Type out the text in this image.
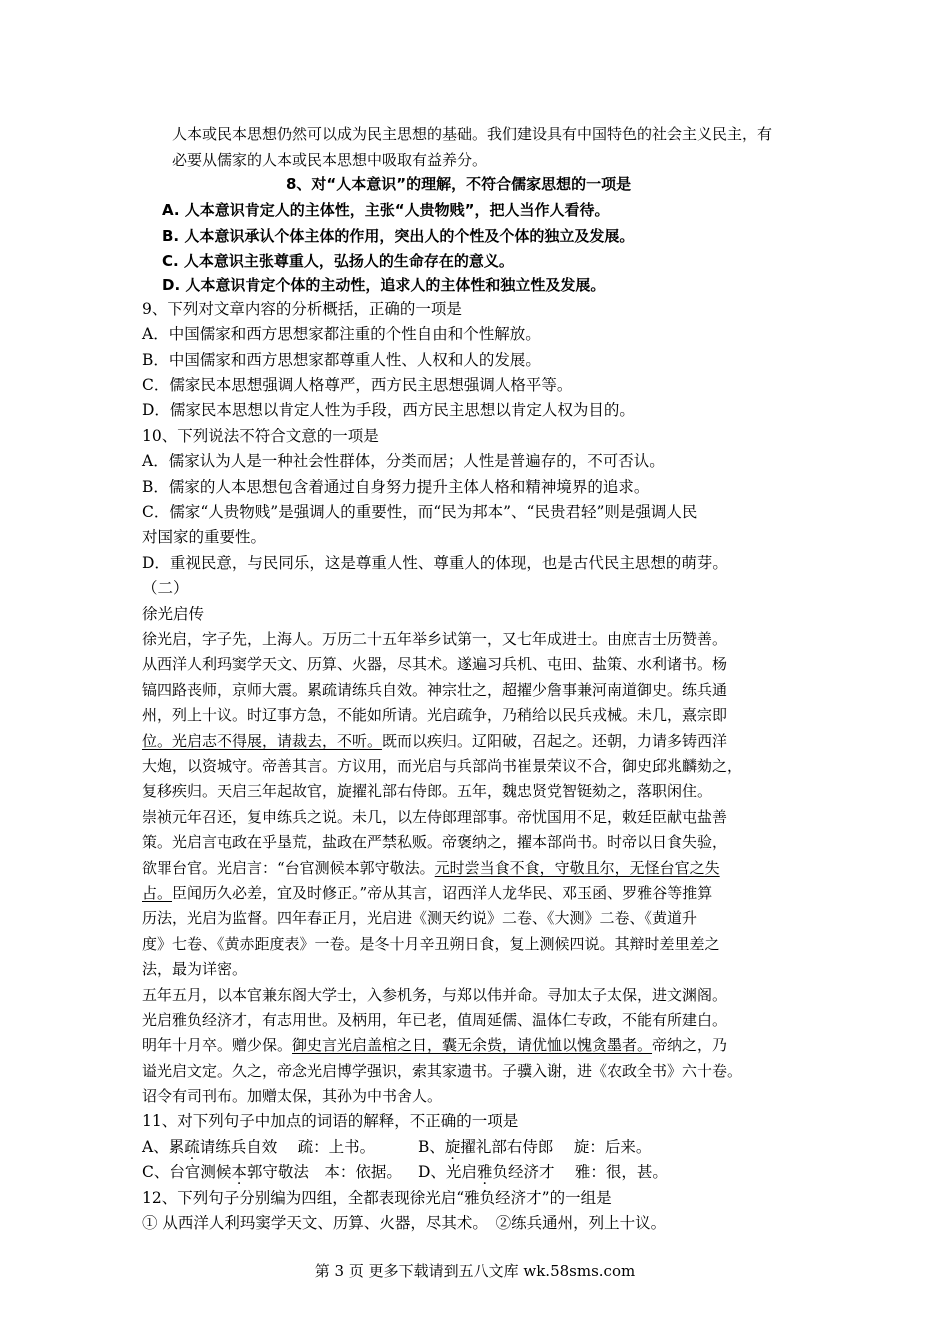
人本或民本思想仍然可以成为民主思想的基础。我们建设具有中国特色的社会主义民主，有
必要从儒家的人本或民本思想中吸取有益养分。
8、对“人本意识”的理解，不符合儒家思想的一项是
A. 人本意识肯定人的主体性，主张“人贵物贱”，把人当作人看待。
B. 人本意识承认个体主体的作用，突出人的个性及个体的独立及发展。
C. 人本意识主张尊重人，弘扬人的生命存在的意义。
D. 人本意识肯定个体的主动性，追求人的主体性和独立性及发展。
9、下列对文章内容的分析概括，正确的一项是
A．中国儒家和西方思想家都注重的个性自由和个性解放。
B．中国儒家和西方思想家都尊重人性、人权和人的发展。
C．儒家民本思想强调人格尊严，西方民主思想强调人格平等。
D．儒家民本思想以肯定人性为手段，西方民主思想以肯定人权为目的。
10、下列说法不符合文意的一项是
A．儒家认为人是一种社会性群体，分类而居；人性是普遍存的，不可否认。
B．儒家的人本思想包含着通过自身努力提升主体人格和精神境界的追求。
C．儒家“人贵物贱”是强调人的重要性，而“民为邦本”、“民贵君轻”则是强调人民
对国家的重要性。
D．重视民意，与民同乐，这是尊重人性、尊重人的体现，也是古代民主思想的萌芽。
（二）
徐光启传
徐光启，字子先，上海人。万历二十五年举乡试第一，又七年成进士。由庶吉士历赞善。
从西洋人利玛窦学天文、历算、火器，尽其术。遂遍习兵机、屯田、盐策、水利诸书。杨
镐四路丧师，京师大震。累疏请练兵自效。神宗壮之，超擢少詹事兼河南道御史。练兵通
州，列上十议。时辽事方急，不能如所请。光启疏争，乃稍给以民兵戎械。未几，熹宗即
位。光启志不得展，请裁去，不听。既而以疾归。辽阳破，召起之。还朝，力请多铸西洋
大炮，以资城守。帝善其言。方议用，而光启与兵部尚书崔景荣议不合，御史邱兆麟劾之，
复移疾归。天启三年起故官，旋擢礼部右侍郎。五年，魏忠贤党智铤劾之，落职闲住。
崇祯元年召还，复申练兵之说。未几，以左侍郎理部事。帝忧国用不足，敕廷臣献屯盐善
策。光启言屯政在乎垦荒，盐政在严禁私贩。帝褒纳之，擢本部尚书。时帝以日食失验，
欲罪台官。光启言：“台官测候本郭守敬法。元时尝当食不食，守敬且尔，无怪台官之失
占。臣闻历久必差，宜及时修正。”帝从其言，诏西洋人龙华民、邓玉函、罗雅谷等推算
历法，光启为监督。四年春正月，光启进《测天约说》二卷、《大测》二卷、《黄道升
度》七卷、《黄赤距度表》一卷。是冬十月辛丑朔日食，复上测候四说。其辩时差里差之
法，最为详密。
五年五月，以本官兼东阁大学士，入参机务，与郑以伟并命。寻加太子太保，进文渊阁。
光启雅负经济才，有志用世。及柄用，年已老，值周延儒、温体仁专政，不能有所建白。
明年十月卒。赠少保。御史言光启盖棺之日，囊无余赀，请优恤以愧贪墨者。帝纳之，乃
谥光启文定。久之，帝念光启博学强识，索其家遗书。子骥入谢，进《农政全书》六十卷。
诏令有司刊布。加赠太保，其孙为中书舍人。
11、对下列句子中加点的词语的解释，不正确的一项是
A、累疏请练兵自效　 疏：上书。	B、旋擢礼部右侍郎　 旋：后来。
C、台官测候本郭守敬法　本：依据。 D、光启雅负经济才　 雅：很，甚。
12、下列句子分别编为四组，全都表现徐光启“雅负经济才”的一组是
① 从西洋人利玛窦学天文、历算、火器，尽其术。　②练兵通州，列上十议。
第 3 页 更多下载请到五八文库 wk.58sms.com
